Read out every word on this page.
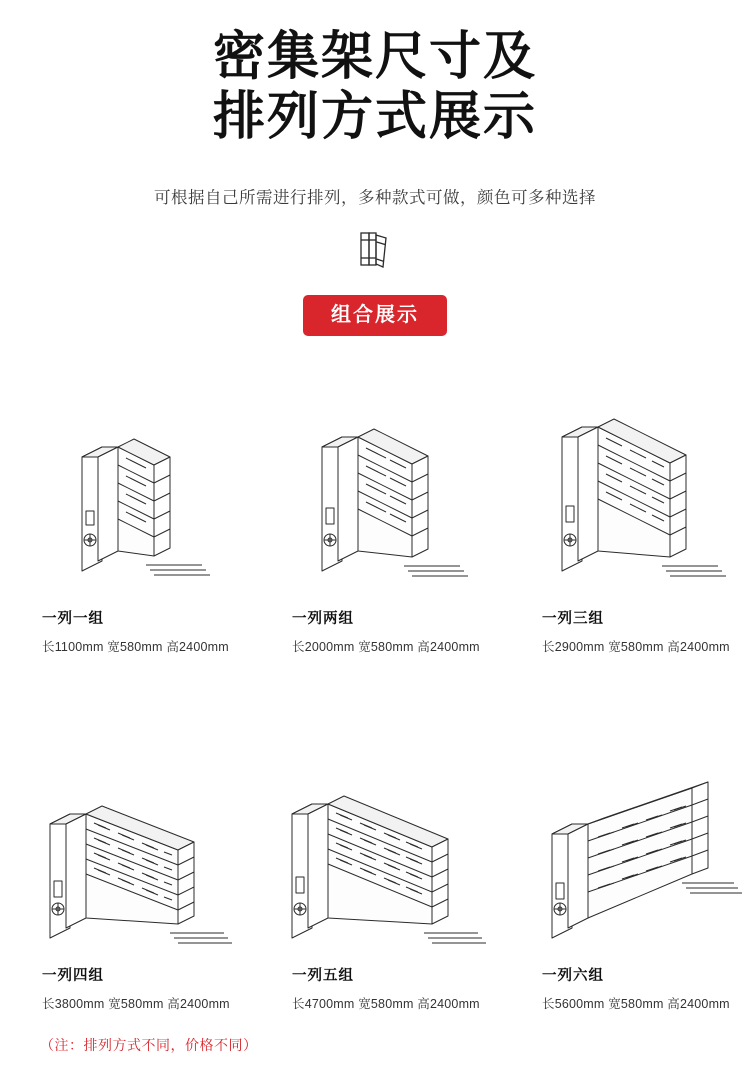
密集架尺寸及
排列方式展示
可根据自己所需进行排列，多种款式可做，颜色可多种选择
组合展示
一列一组
长1100mm 宽580mm 高2400mm
一列两组
长2000mm 宽580mm 高2400mm
一列三组
长2900mm 宽580mm 高2400mm
一列四组
长3800mm 宽580mm 高2400mm
一列五组
长4700mm 宽580mm 高2400mm
一列六组
长5600mm 宽580mm 高2400mm
（注：排列方式不同，价格不同）
